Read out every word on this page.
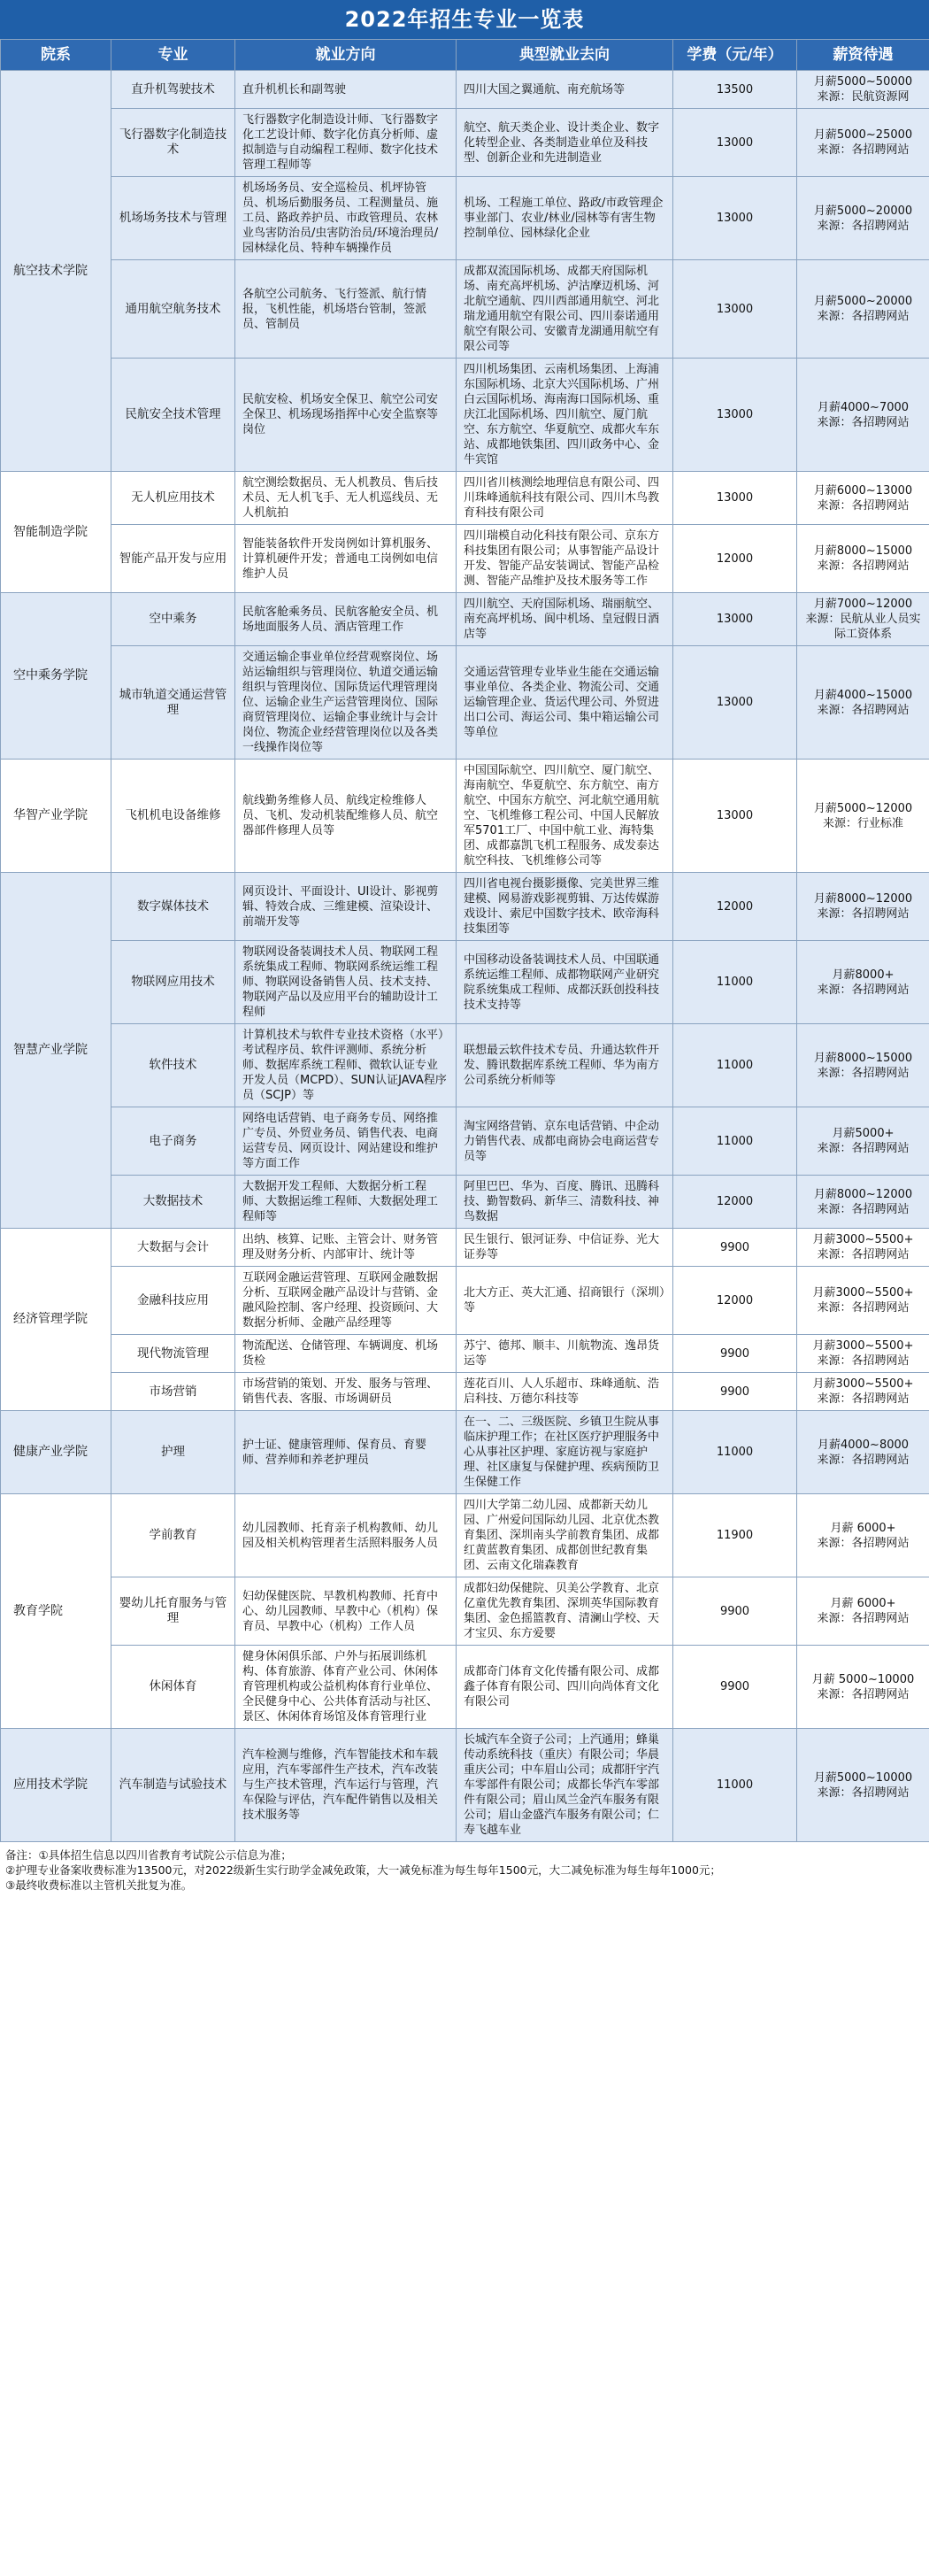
2022年招生专业一览表
院系	专业	就业方向	典型就业去向	学费（元/年）	薪资待遇
航空技术学院	直升机驾驶技术	直升机机长和副驾驶	四川大国之翼通航、南充航场等	13500	月薪5000~50000
来源：民航资源网
	飞行器数字化制造技术	飞行器数字化制造设计师、飞行器数字化工艺设计师、数字化仿真分析师、虚拟制造与自动编程工程师、数字化技术管理工程师等	航空、航天类企业、设计类企业、数字化转型企业、各类制造业单位及科技型、创新企业和先进制造业	13000	月薪5000~25000
来源：各招聘网站
	机场场务技术与管理	机场场务员、安全巡检员、机坪协管员、机场后勤服务员、工程测量员、施工员、路政养护员、市政管理员、农林业鸟害防治员/虫害防治员/环境治理员/园林绿化员、特种车辆操作员	机场、工程施工单位、路政/市政管理企事业部门、农业/林业/园林等有害生物控制单位、园林绿化企业	13000	月薪5000~20000
来源：各招聘网站
	通用航空航务技术	各航空公司航务、飞行签派、航行情报，飞机性能，机场塔台管制，签派员、管制员	成都双流国际机场、成都天府国际机场、南充高坪机场、泸沽摩迈机场、河北航空通航、四川西部通用航空、河北瑞龙通用航空有限公司、四川泰诺通用航空有限公司、安徽青龙湖通用航空有限公司等	13000	月薪5000~20000
来源：各招聘网站
	民航安全技术管理	民航安检、机场安全保卫、航空公司安全保卫、机场现场指挥中心安全监察等岗位	四川机场集团、云南机场集团、上海浦东国际机场、北京大兴国际机场、广州白云国际机场、海南海口国际机场、重庆江北国际机场、四川航空、厦门航空、东方航空、华夏航空、成都火车东站、成都地铁集团、四川政务中心、金牛宾馆	13000	月薪4000~7000
来源：各招聘网站
智能制造学院	无人机应用技术	航空测绘数据员、无人机教员、售后技术员、无人机飞手、无人机巡线员、无人机航拍	四川省川核测绘地理信息有限公司、四川珠峰通航科技有限公司、四川木鸟教育科技有限公司	13000	月薪6000~13000
来源：各招聘网站
	智能产品开发与应用	智能装备软件开发岗例如计算机服务、计算机硬件开发；普通电工岗例如电信维护人员	四川瑞模自动化科技有限公司、京东方科技集团有限公司；从事智能产品设计开发、智能产品安装调试、智能产品检测、智能产品维护及技术服务等工作	12000	月薪8000~15000
来源：各招聘网站
空中乘务学院	空中乘务	民航客舱乘务员、民航客舱安全员、机场地面服务人员、酒店管理工作	四川航空、天府国际机场、瑞丽航空、南充高坪机场、阆中机场、皇冠假日酒店等	13000	月薪7000~12000
来源：民航从业人员实际工资体系
	城市轨道交通运营管理	交通运输企事业单位经营观察岗位、场站运输组织与管理岗位、轨道交通运输组织与管理岗位、国际货运代理管理岗位、运输企业生产运营管理岗位、国际商贸管理岗位、运输企事业统计与会计岗位、物流企业经营管理岗位以及各类一线操作岗位等	交通运营管理专业毕业生能在交通运输事业单位、各类企业、物流公司、交通运输管理企业、货运代理公司、外贸进出口公司、海运公司、集中箱运输公司等单位	13000	月薪4000~15000
来源：各招聘网站
华智产业学院	飞机机电设备维修	航线勤务维修人员、航线定检维修人员、飞机、发动机装配维修人员、航空器部件修理人员等	中国国际航空、四川航空、厦门航空、海南航空、华夏航空、东方航空、南方航空、中国东方航空、河北航空通用航空、飞机维修工程公司、中国人民解放军5701工厂、中国中航工业、海特集团、成都嘉凯飞机工程服务、成发泰达航空科技、飞机维修公司等	13000	月薪5000~12000
来源：行业标准
智慧产业学院	数字媒体技术	网页设计、平面设计、UI设计、影视剪辑、特效合成、三维建模、渲染设计、前端开发等	四川省电视台摄影摄像、完美世界三维建模、网易游戏影视剪辑、万达传媒游戏设计、索尼中国数字技术、欧帝海科技集团等	12000	月薪8000~12000
来源：各招聘网站
	物联网应用技术	物联网设备装调技术人员、物联网工程系统集成工程师、物联网系统运维工程师、物联网设备销售人员、技术支持、物联网产品以及应用平台的辅助设计工程师	中国移动设备装调技术人员、中国联通系统运维工程师、成都物联网产业研究院系统集成工程师、成都沃跃创投科技技术支持等	11000	月薪8000+
来源：各招聘网站
	软件技术	计算机技术与软件专业技术资格（水平）考试程序员、软件评测师、系统分析师、数据库系统工程师、微软认证专业开发人员（MCPD）、SUN认证JAVA程序员（SCJP）等	联想最云软件技术专员、升通达软件开发、腾讯数据库系统工程师、华为南方公司系统分析师等	11000	月薪8000~15000
来源：各招聘网站
	电子商务	网络电话营销、电子商务专员、网络推广专员、外贸业务员、销售代表、电商运营专员、网页设计、网站建设和维护等方面工作	淘宝网络营销、京东电话营销、中企动力销售代表、成都电商协会电商运营专员等	11000	月薪5000+
来源：各招聘网站
	大数据技术	大数据开发工程师、大数据分析工程师、大数据运维工程师、大数据处理工程师等	阿里巴巴、华为、百度、腾讯、迅腾科技、勤智数码、新华三、清数科技、神鸟数据	12000	月薪8000~12000
来源：各招聘网站
经济管理学院	大数据与会计	出纳、核算、记账、主管会计、财务管理及财务分析、内部审计、统计等	民生银行、银河证券、中信证券、光大证券等	9900	月薪3000~5500+
来源：各招聘网站
	金融科技应用	互联网金融运营管理、互联网金融数据分析、互联网金融产品设计与营销、金融风险控制、客户经理、投资顾问、大数据分析师、金融产品经理等	北大方正、英大汇通、招商银行（深圳）等	12000	月薪3000~5500+
来源：各招聘网站
	现代物流管理	物流配送、仓储管理、车辆调度、机场货检	苏宁、德邦、顺丰、川航物流、逸昂货运等	9900	月薪3000~5500+
来源：各招聘网站
	市场营销	市场营销的策划、开发、服务与管理、销售代表、客服、市场调研员	莲花百川、人人乐超市、珠峰通航、浩启科技、万德尔科技等	9900	月薪3000~5500+
来源：各招聘网站
健康产业学院	护理	护士证、健康管理师、保育员、育婴师、营养师和养老护理员	在一、二、三级医院、乡镇卫生院从事临床护理工作；在社区医疗护理服务中心从事社区护理、家庭访视与家庭护理、社区康复与保健护理、疾病预防卫生保健工作	11000	月薪4000~8000
来源：各招聘网站
教育学院	学前教育	幼儿园教师、托育亲子机构教师、幼儿园及相关机构管理者生活照料服务人员	四川大学第二幼儿园、成都新天幼儿园、广州爱问国际幼儿园、北京优杰教育集团、深圳南头学前教育集团、成都红黄蓝教育集团、成都创世纪教育集团、云南文化瑞森教育	11900	月薪 6000+
来源：各招聘网站
	婴幼儿托育服务与管理	妇幼保健医院、早教机构教师、托育中心、幼儿园教师、早教中心（机构）保育员、早教中心（机构）工作人员	成都妇幼保健院、贝美公学教育、北京亿童优先教育集团、深圳英华国际教育集团、金色摇篮教育、清澜山学校、天才宝贝、东方爱婴	9900	月薪 6000+
来源：各招聘网站
	休闲体育	健身休闲俱乐部、户外与拓展训练机构、体育旅游、体育产业公司、休闲体育管理机构或公益机构体育行业单位、全民健身中心、公共体育活动与社区、景区、休闲体育场馆及体育管理行业	成都奇门体育文化传播有限公司、成都鑫子体育有限公司、四川向尚体育文化有限公司	9900	月薪 5000~10000
来源：各招聘网站
应用技术学院	汽车制造与试验技术	汽车检测与维修，汽车智能技术和车载应用，汽车零部件生产技术，汽车改装与生产技术管理，汽车运行与管理，汽车保险与评估，汽车配件销售以及相关技术服务等	长城汽车全资子公司；上汽通用；蜂巢传动系统科技（重庆）有限公司；华晨重庆公司；中车眉山公司；成都肝宇汽车零部件有限公司；成都长华汽车零部件有限公司；眉山凤兰金汽车服务有限公司；眉山金盛汽车服务有限公司；仁寿飞越车业	11000	月薪5000~10000
来源：各招聘网站
备注：①具体招生信息以四川省教育考试院公示信息为准；
②护理专业备案收费标准为13500元，对2022级新生实行助学金减免政策，大一减免标准为每生每年1500元，大二减免标准为每生每年1000元；
③最终收费标准以主管机关批复为准。
